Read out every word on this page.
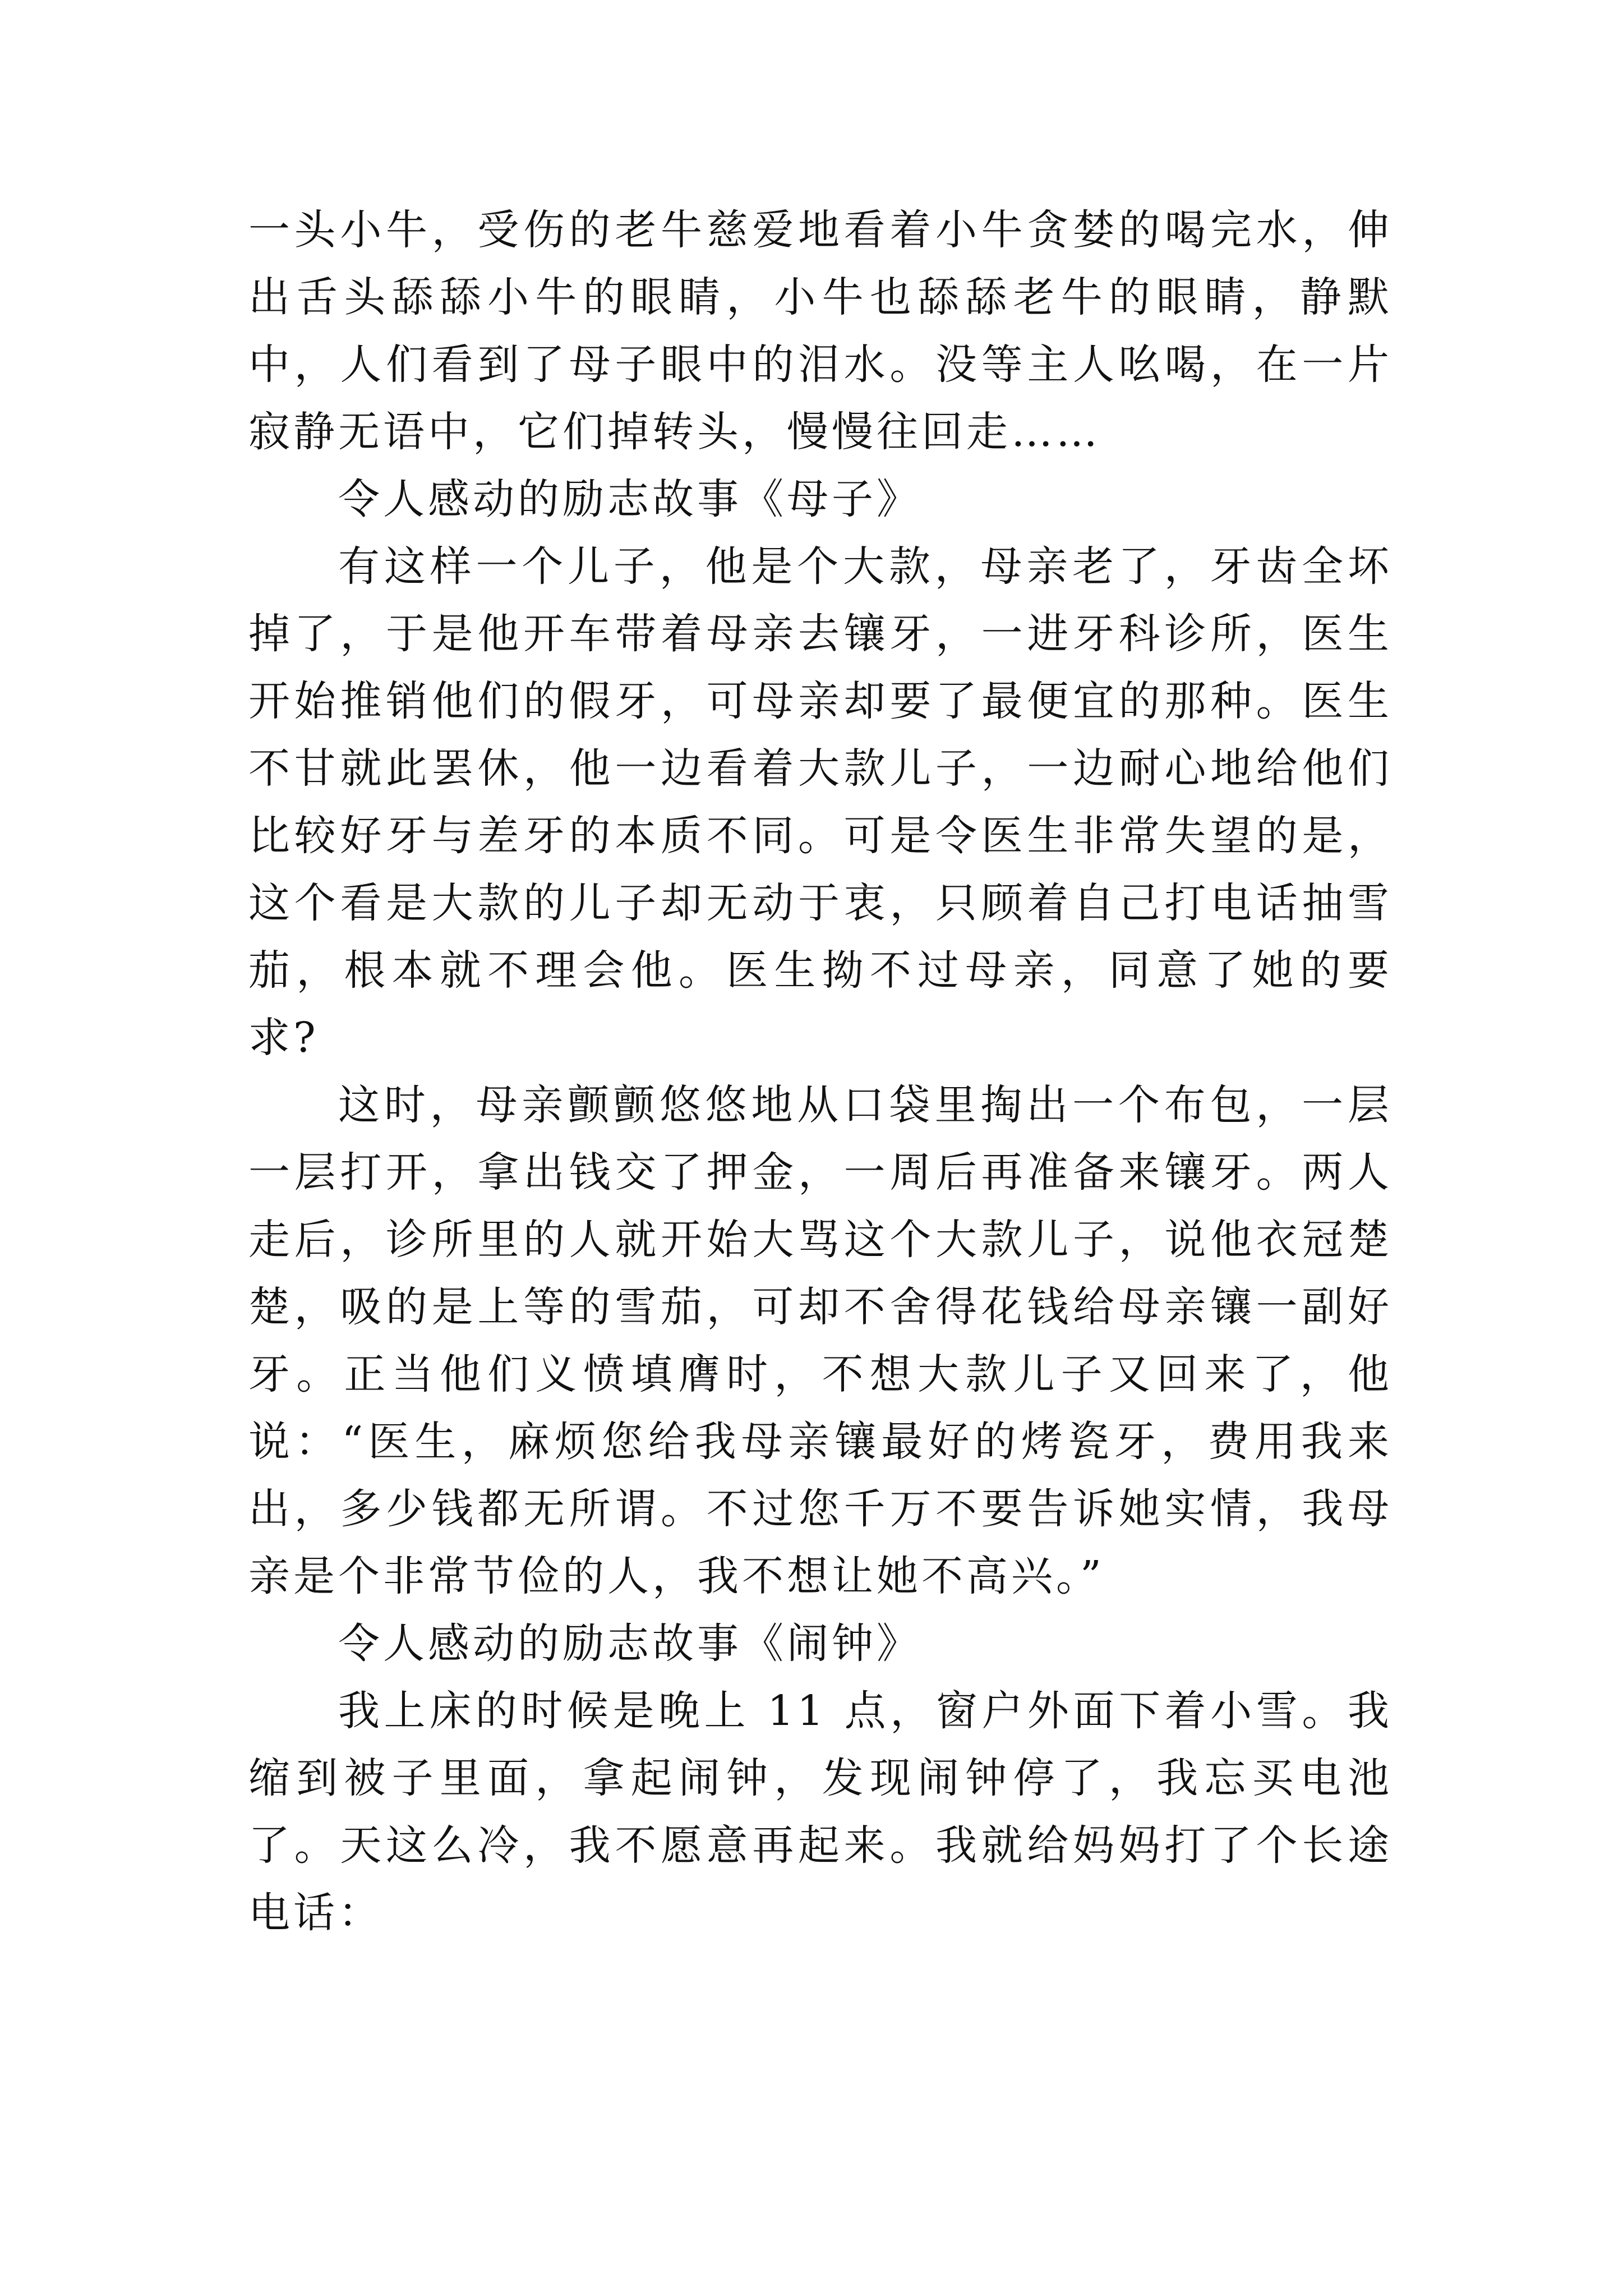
一头小牛，受伤的老牛慈爱地看着小牛贪婪的喝完水，伸出舌头舔舔小牛的眼睛，小牛也舔舔老牛的眼睛，静默中，人们看到了母子眼中的泪水。没等主人吆喝，在一片寂静无语中，它们掉转头，慢慢往回走……

令人感动的励志故事《母子》

有这样一个儿子，他是个大款，母亲老了，牙齿全坏掉了，于是他开车带着母亲去镶牙，一进牙科诊所，医生开始推销他们的假牙，可母亲却要了最便宜的那种。医生不甘就此罢休，他一边看着大款儿子，一边耐心地给他们比较好牙与差牙的本质不同。可是令医生非常失望的是，这个看是大款的儿子却无动于衷，只顾着自己打电话抽雪茄，根本就不理会他。医生拗不过母亲，同意了她的要求?

这时，母亲颤颤悠悠地从口袋里掏出一个布包，一层一层打开，拿出钱交了押金，一周后再准备来镶牙。两人走后，诊所里的人就开始大骂这个大款儿子，说他衣冠楚楚，吸的是上等的雪茄，可却不舍得花钱给母亲镶一副好牙。正当他们义愤填膺时，不想大款儿子又回来了，他说：“医生，麻烦您给我母亲镶最好的烤瓷牙，费用我来出，多少钱都无所谓。不过您千万不要告诉她实情，我母亲是个非常节俭的人，我不想让她不高兴。”

令人感动的励志故事《闹钟》

我上床的时候是晚上 11 点，窗户外面下着小雪。我缩到被子里面，拿起闹钟，发现闹钟停了，我忘买电池了。天这么冷，我不愿意再起来。我就给妈妈打了个长途电话：
